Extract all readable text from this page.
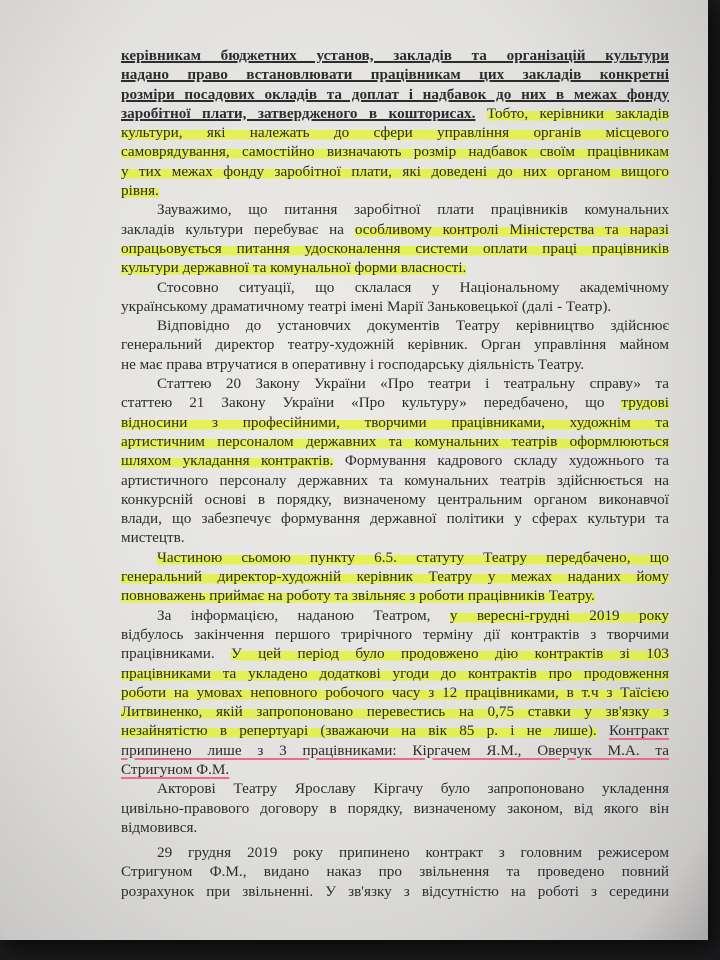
керівникам бюджетних установ, закладів та організацій культури
надано право встановлювати працівникам цих закладів конкретні
розміри посадових окладів та доплат і надбавок до них в межах фонду
заробітної плати, затвердженого в кошторисах. Тобто, керівники закладів
культури, які належать до сфери управління органів місцевого
самоврядування, самостійно визначають розмір надбавок своїм працівникам
у тих межах фонду заробітної плати, які доведені до них органом вищого
рівня.
Зауважимо, що питання заробітної плати працівників комунальних
закладів культури перебуває на особливому контролі Міністерства та наразі
опрацьовується питання удосконалення системи оплати праці працівників
культури державної та комунальної форми власності.
Стосовно ситуації, що склалася у Національному академічному
українському драматичному театрі імені Марії Заньковецької (далі - Театр).
Відповідно до установчих документів Театру керівництво здійснює
генеральний директор театру-художній керівник. Орган управління майном
не має права втручатися в оперативну і господарську діяльність Театру.
Статтею 20 Закону України «Про театри і театральну справу» та
статтею 21 Закону України «Про культуру» передбачено, що трудові
відносини з професійними, творчими працівниками, художнім та
артистичним персоналом державних та комунальних театрів оформлюються
шляхом укладання контрактів. Формування кадрового складу художнього та
артистичного персоналу державних та комунальних театрів здійснюється на
конкурсній основі в порядку, визначеному центральним органом виконавчої
влади, що забезпечує формування державної політики у сферах культури та
мистецтв.
Частиною сьомою пункту 6.5. статуту Театру передбачено, що
генеральний директор-художній керівник Театру у межах наданих йому
повноважень приймає на роботу та звільняє з роботи працівників Театру.
За інформацією, наданою Театром, у вересні-грудні 2019 року
відбулось закінчення першого трирічного терміну дії контрактів з творчими
працівниками. У цей період було продовжено дію контрактів зі 103
працівниками та укладено додаткові угоди до контрактів про продовження
роботи на умовах неповного робочого часу з 12 працівниками, в т.ч з Таїсією
Литвиненко, якій запропоновано перевестись на 0,75 ставки у зв'язку з
незайнятістю в репертуарі (зважаючи на вік 85 р. і не лише). Контракт
припинено лише з 3 працівниками: Кіргачем Я.М., Оверчук М.А. та
Стригуном Ф.М.
Акторові Театру Ярославу Кіргачу було запропоновано укладення
цивільно-правового договору в порядку, визначеному законом, від якого він
відмовився.
29 грудня 2019 року припинено контракт з головним режисером
Стригуном Ф.М., видано наказ про звільнення та проведено повний
розрахунок при звільненні. У зв'язку з відсутністю на роботі з середини
